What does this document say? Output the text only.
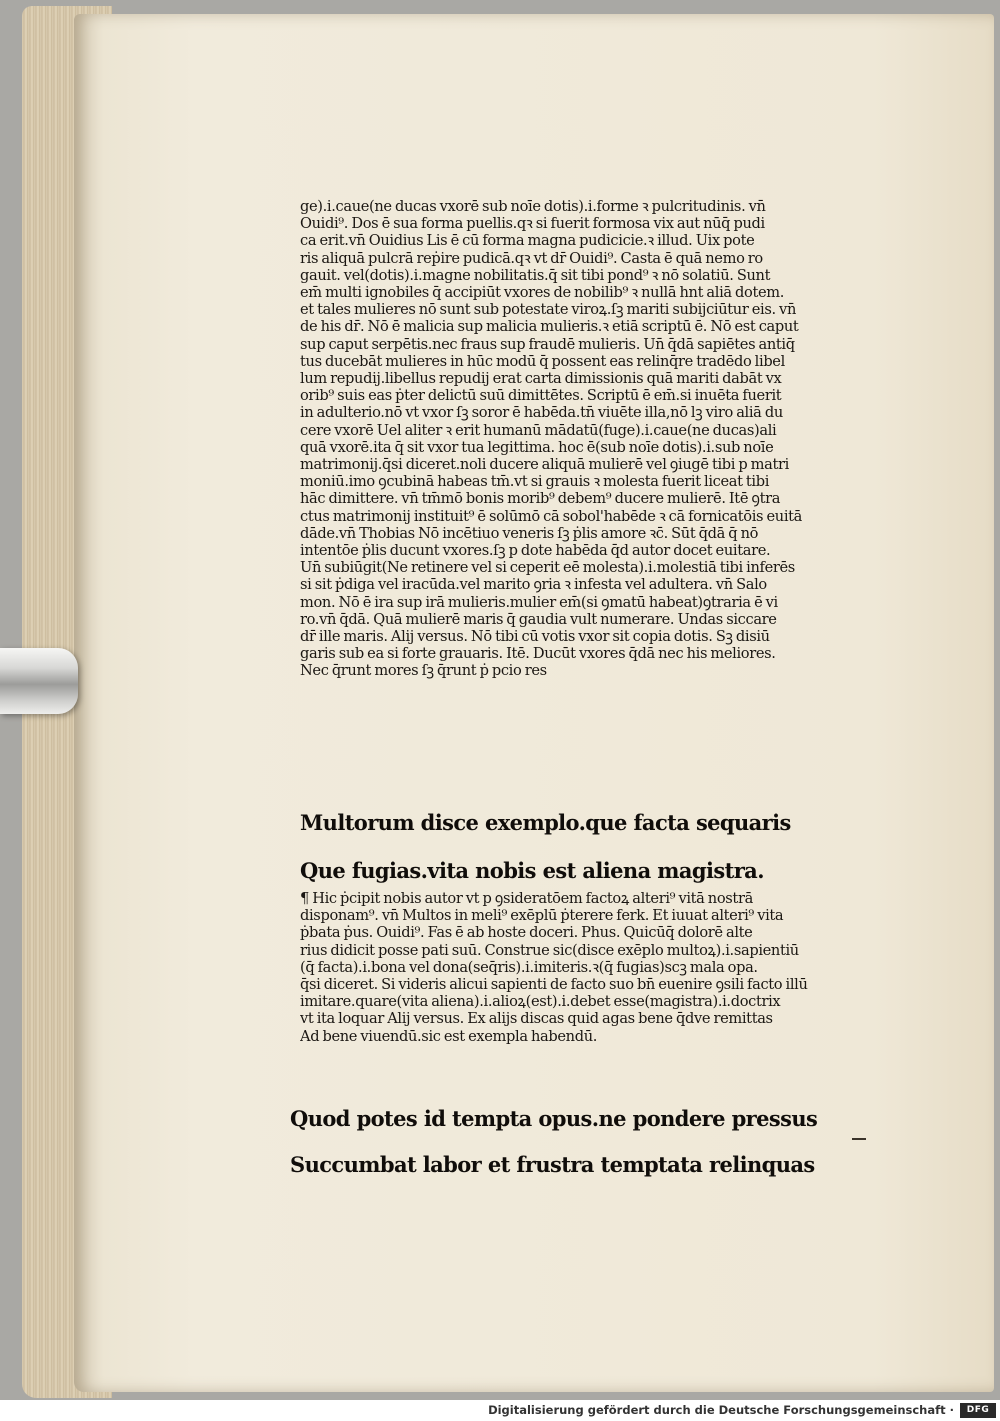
ge).i.caue(ne ducas vxorē sub noīe dotis).i.forme ꝛ pulcritudinis. vn̄
Ouidi⁹. Dos ē sua forma puellis.qꝛ si fuerit formosa vix aut nūq̄ pudi
ca erit.vn̄ Ouidius Lis ē cū forma magna pudicicie.ꝛ illud. Uix pote
ris aliquā pulcrā reṗire pudicā.qꝛ vt dr̄ Ouidi⁹. Casta ē quā nemo ro
gauit. vel(dotis).i.magne nobilitatis.q̄ sit tibi pond⁹ ꝛ nō solatiū. Sunt
em̄ multi ignobiles q̄ accipiūt vxores de nobilib⁹ ꝛ nullā h̄nt aliā dotem.
et tales mulieres nō sunt sub potestate viroꝝ.ſꝫ mariti subijciūtur eis. vn̄
de his dr̄. Nō ē malicia sup malicia mulieris.ꝛ etiā scriptū ē. Nō est caput
sup caput serpētis.nec fraus sup fraudē mulieris. Un̄ q̄dā sapiētes antiq̄
tus ducebāt mulieres in hūc modū q̄ possent eas relinq̄re tradēdo libel
lum repudij.libellus repudij erat carta dimissionis quā mariti dabāt vx
orib⁹ suis eas ṗter delictū suū dimittētes. Scriptū ē em̄.si inuēta fuerit
in adulterio.nō vt vxor ſꝫ soror ē habēda.tn̄ viuēte illa,nō lꝫ viro aliā du
cere vxorē Uel aliter ꝛ erit humanū mādatū(fuge).i.caue(ne ducas)ali
quā vxorē.ita q̄ sit vxor tua legittima. hoc ē(sub noīe dotis).i.sub noīe
matrimonij.q̄si diceret.noli ducere aliquā mulierē vel ꝯiugē tibi p matri
moniū.imo ꝯcubinā habeas tm̄.vt si grauis ꝛ molesta fuerit liceat tibi
hāc dimittere. vn̄ tm̄mō bonis morib⁹ debem⁹ ducere mulierē. Itē ꝯtra
ctus matrimonij instituit⁹ ē solūmō cā sobol'habēde ꝛ cā fornicatōis euitā
dāde.vn̄ Thobias Nō incētiuo veneris ſꝫ ṗlis amore ꝛc̄. Sūt q̄dā q̄ nō
intentōe ṗlis ducunt vxores.ſꝫ p dote habēda q̄d autor docet euitare.
Un̄ subiūgit(Ne retinere vel si ceperit eē molesta).i.molestiā tibi inferēs
si sit ṗdiga vel iracūda.vel marito ꝯria ꝛ infesta vel adultera. vn̄ Salo
mon. Nō ē ira sup irā mulieris.mulier em̄(si ꝯmatū habeat)ꝯtraria ē vi
ro.vn̄ q̄dā. Quā mulierē maris q̄ gaudia vult numerare. Undas siccare
dr̄ ille maris. Alij versus. Nō tibi cū votis vxor sit copia dotis. Sꝫ disiū
garis sub ea si forte grauaris. Itē. Ducūt vxores q̄dā nec his meliores.
Nec q̄runt mores ſꝫ q̄runt ṗ pcio res
Multorum disce exemplo.que facta sequaris
Que fugias.vita nobis est aliena magistra.
¶ Hic ṗcipit nobis autor vt p ꝯsideratōem factoꝝ alteri⁹ vitā nostrā
disponam⁹. vn̄ Multos in meli⁹ exēplū ṗterere ferk. Et iuuat alteri⁹ vita
ṗbata ṗus. Ouidi⁹. Fas ē ab hoste doceri. Phus. Quicūq̄ dolorē alte
rius didicit posse pati suū. Construe sic(disce exēplo multoꝝ).i.sapientiū
(q̄ facta).i.bona vel dona(seq̄ris).i.imiteris.ꝛ(q̄ fugias)scꝫ mala opa.
q̄si diceret. Si videris alicui sapienti de facto suo bn̄ euenire ꝯsili facto illū
imitare.quare(vita aliena).i.alioꝝ(est).i.debet esse(magistra).i.doctrix
vt ita loquar Alij versus. Ex alijs discas quid agas bene q̄dve remittas
Ad bene viuendū.sic est exempla habendū.
Quod potes id tempta opus.ne pondere pressus
Succumbat labor et frustra temptata relinquas
Digitalisierung gefördert durch die Deutsche Forschungsgemeinschaft ·	DFG
